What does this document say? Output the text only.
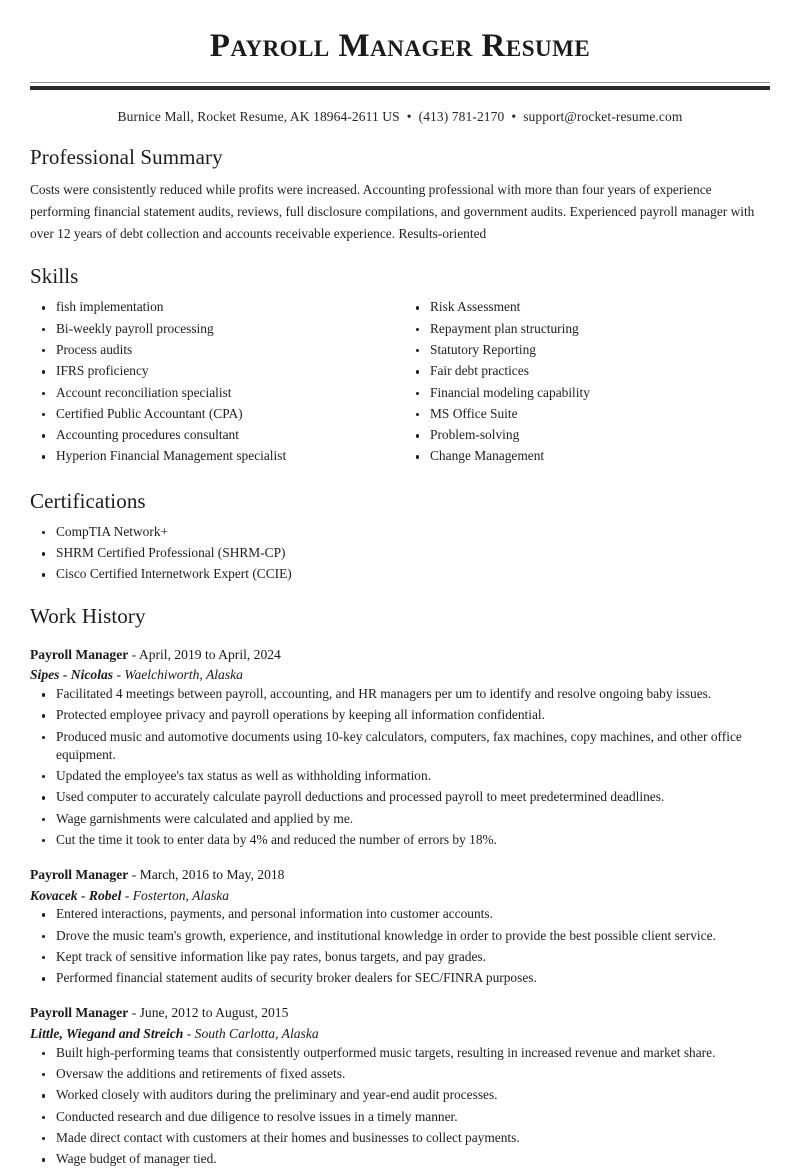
Payroll Manager Resume
Burnice Mall, Rocket Resume, AK 18964-2611 US • (413) 781-2170 • support@rocket-resume.com
Professional Summary

Costs were consistently reduced while profits were increased. Accounting professional with more than four years of experience performing financial statement audits, reviews, full disclosure compilations, and government audits. Experienced payroll manager with over 12 years of debt collection and accounts receivable experience. Results-oriented

Skills
fish implementation
Bi-weekly payroll processing
Process audits
IFRS proficiency
Account reconciliation specialist
Certified Public Accountant (CPA)
Accounting procedures consultant
Hyperion Financial Management specialist
Risk Assessment
Repayment plan structuring
Statutory Reporting
Fair debt practices
Financial modeling capability
MS Office Suite
Problem-solving
Change Management
Certifications
CompTIA Network+
SHRM Certified Professional (SHRM-CP)
Cisco Certified Internetwork Expert (CCIE)
Work History
Payroll Manager - April, 2019 to April, 2024
Sipes - Nicolas - Waelchiworth, Alaska
Facilitated 4 meetings between payroll, accounting, and HR managers per um to identify and resolve ongoing baby issues.
Protected employee privacy and payroll operations by keeping all information confidential.
Produced music and automotive documents using 10-key calculators, computers, fax machines, copy machines, and other office equipment.
Updated the employee's tax status as well as withholding information.
Used computer to accurately calculate payroll deductions and processed payroll to meet predetermined deadlines.
Wage garnishments were calculated and applied by me.
Cut the time it took to enter data by 4% and reduced the number of errors by 18%.
Payroll Manager - March, 2016 to May, 2018
Kovacek - Robel - Fosterton, Alaska
Entered interactions, payments, and personal information into customer accounts.
Drove the music team's growth, experience, and institutional knowledge in order to provide the best possible client service.
Kept track of sensitive information like pay rates, bonus targets, and pay grades.
Performed financial statement audits of security broker dealers for SEC/FINRA purposes.
Payroll Manager - June, 2012 to August, 2015
Little, Wiegand and Streich - South Carlotta, Alaska
Built high-performing teams that consistently outperformed music targets, resulting in increased revenue and market share.
Oversaw the additions and retirements of fixed assets.
Worked closely with auditors during the preliminary and year-end audit processes.
Conducted research and due diligence to resolve issues in a timely manner.
Made direct contact with customers at their homes and businesses to collect payments.
Wage budget of manager tied.
